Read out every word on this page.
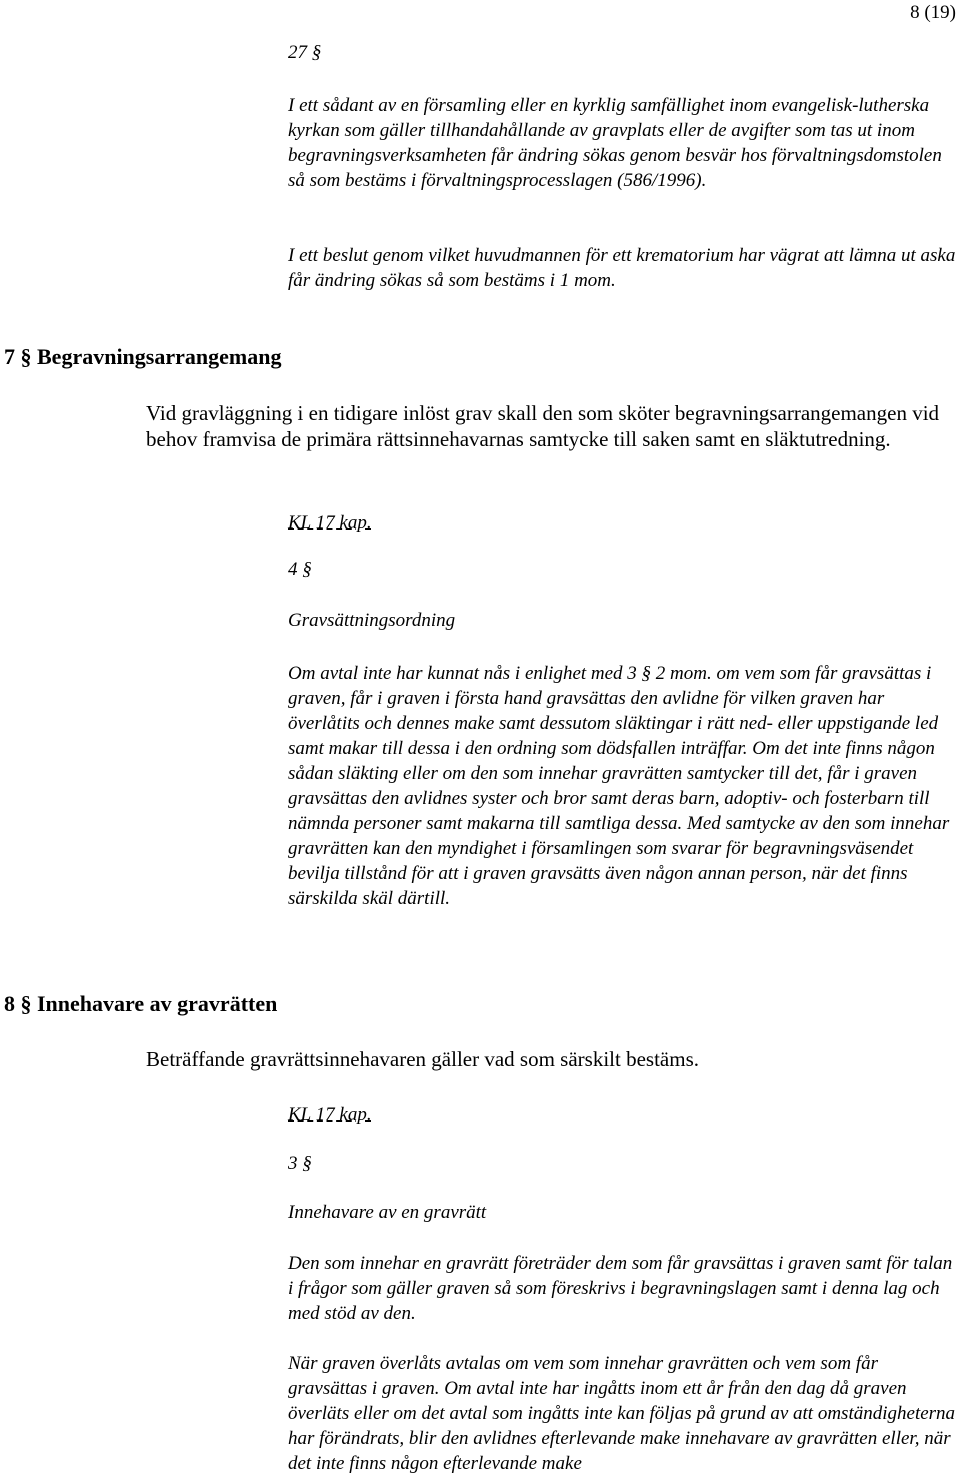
8 (19)
27 §
I ett sådant av en församling eller en kyrklig samfällighet inom evangelisk-lutherska kyrkan som gäller tillhandahållande av gravplats eller de avgifter som tas ut inom begravningsverksamheten får ändring sökas genom besvär hos förvaltningsdomstolen så som bestäms i förvaltningsprocesslagen (586/1996).
I ett beslut genom vilket huvudmannen för ett krematorium har vägrat att lämna ut aska får ändring sökas så som bestäms i 1 mom.
7 § Begravningsarrangemang
Vid gravläggning i en tidigare inlöst grav skall den som sköter begravningsarrangemangen vid behov framvisa de primära rättsinnehavarnas samtycke till saken samt en släktutredning.
KL 17 kap.
4 §
Gravsättningsordning
Om avtal inte har kunnat nås i enlighet med 3 § 2 mom. om vem som får gravsättas i graven, får i graven i första hand gravsättas den avlidne för vilken graven har överlåtits och dennes make samt dessutom släktingar i rätt ned- eller uppstigande led samt makar till dessa i den ordning som dödsfallen inträffar. Om det inte finns någon sådan släkting eller om den som innehar gravrätten samtycker till det, får i graven gravsättas den avlidnes syster och bror samt deras barn, adoptiv- och fosterbarn till nämnda personer samt makarna till samtliga dessa. Med samtycke av den som innehar gravrätten kan den myndighet i församlingen som svarar för begravningsväsendet bevilja tillstånd för att i graven gravsätts även någon annan person, när det finns särskilda skäl därtill.
8 § Innehavare av gravrätten
Beträffande gravrättsinnehavaren gäller vad som särskilt bestäms.
KL 17 kap.
3 §
Innehavare av en gravrätt
Den som innehar en gravrätt företräder dem som får gravsättas i graven samt för talan i frågor som gäller graven så som föreskrivs i begravningslagen samt i denna lag och med stöd av den.
När graven överlåts avtalas om vem som innehar gravrätten och vem som får gravsättas i graven. Om avtal inte har ingåtts inom ett år från den dag då graven överläts eller om det avtal som ingåtts inte kan följas på grund av att omständigheterna har förändrats, blir den avlidnes efterlevande make innehavare av gravrätten eller, när det inte finns någon efterlevande make
